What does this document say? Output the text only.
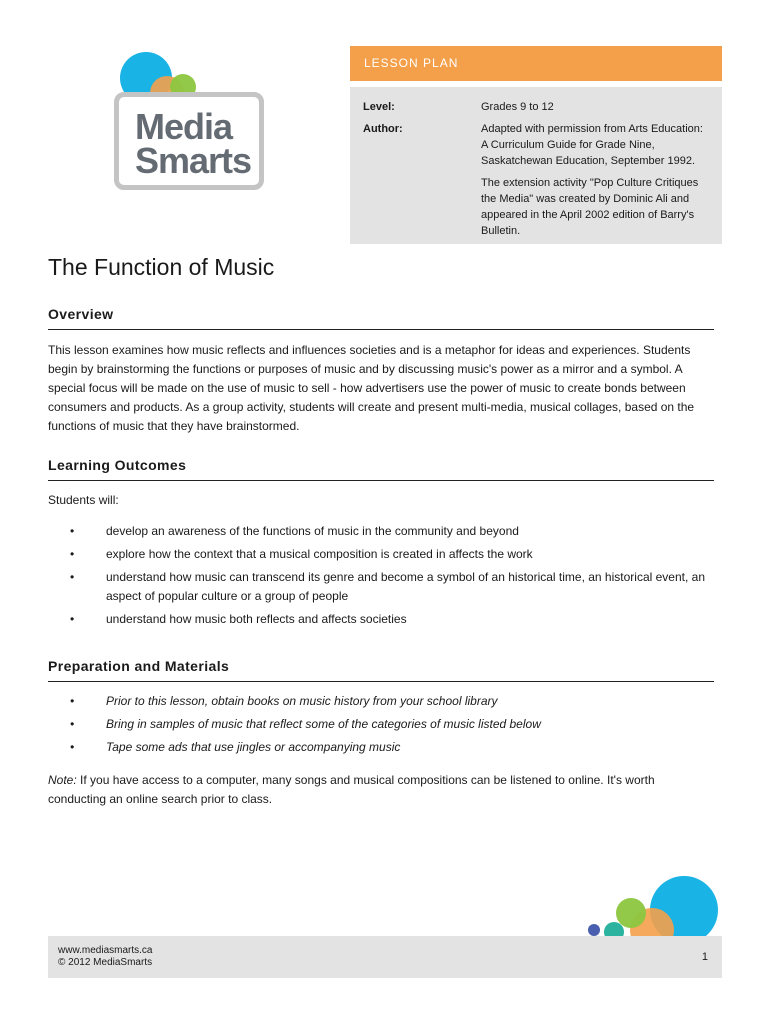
Media
Smarts
LESSON PLAN
Level:	Grades 9 to 12
Author:	Adapted with permission from Arts Education: A Curriculum Guide for Grade Nine, Saskatchewan Education, September 1992.

The extension activity "Pop Culture Critiques the Media" was created by Dominic Ali and appeared in the April 2002 edition of Barry's Bulletin.

The Function of Music
Overview

This lesson examines how music reflects and influences societies and is a metaphor for ideas and experiences. Students begin by brainstorming the functions or purposes of music and by discussing music's power as a mirror and a symbol. A special focus will be made on the use of music to sell - how advertisers use the power of music to create bonds between consumers and products. As a group activity, students will create and present multi-media, musical collages, based on the functions of music that they have brainstormed.

Learning Outcomes

Students will:

•	develop an awareness of the functions of music in the community and beyond
•	explore how the context that a musical composition is created in affects the work
•	understand how music can transcend its genre and become a symbol of an historical time, an historical event, an aspect of popular culture or a group of people
•	understand how music both reflects and affects societies
Preparation and Materials
•	Prior to this lesson, obtain books on music history from your school library
•	Bring in samples of music that reflect some of the categories of music listed below
•	Tape some ads that use jingles or accompanying music

Note: If you have access to a computer, many songs and musical compositions can be listened to online. It's worth conducting an online search prior to class.

www.mediasmarts.ca
© 2012 MediaSmarts	1
